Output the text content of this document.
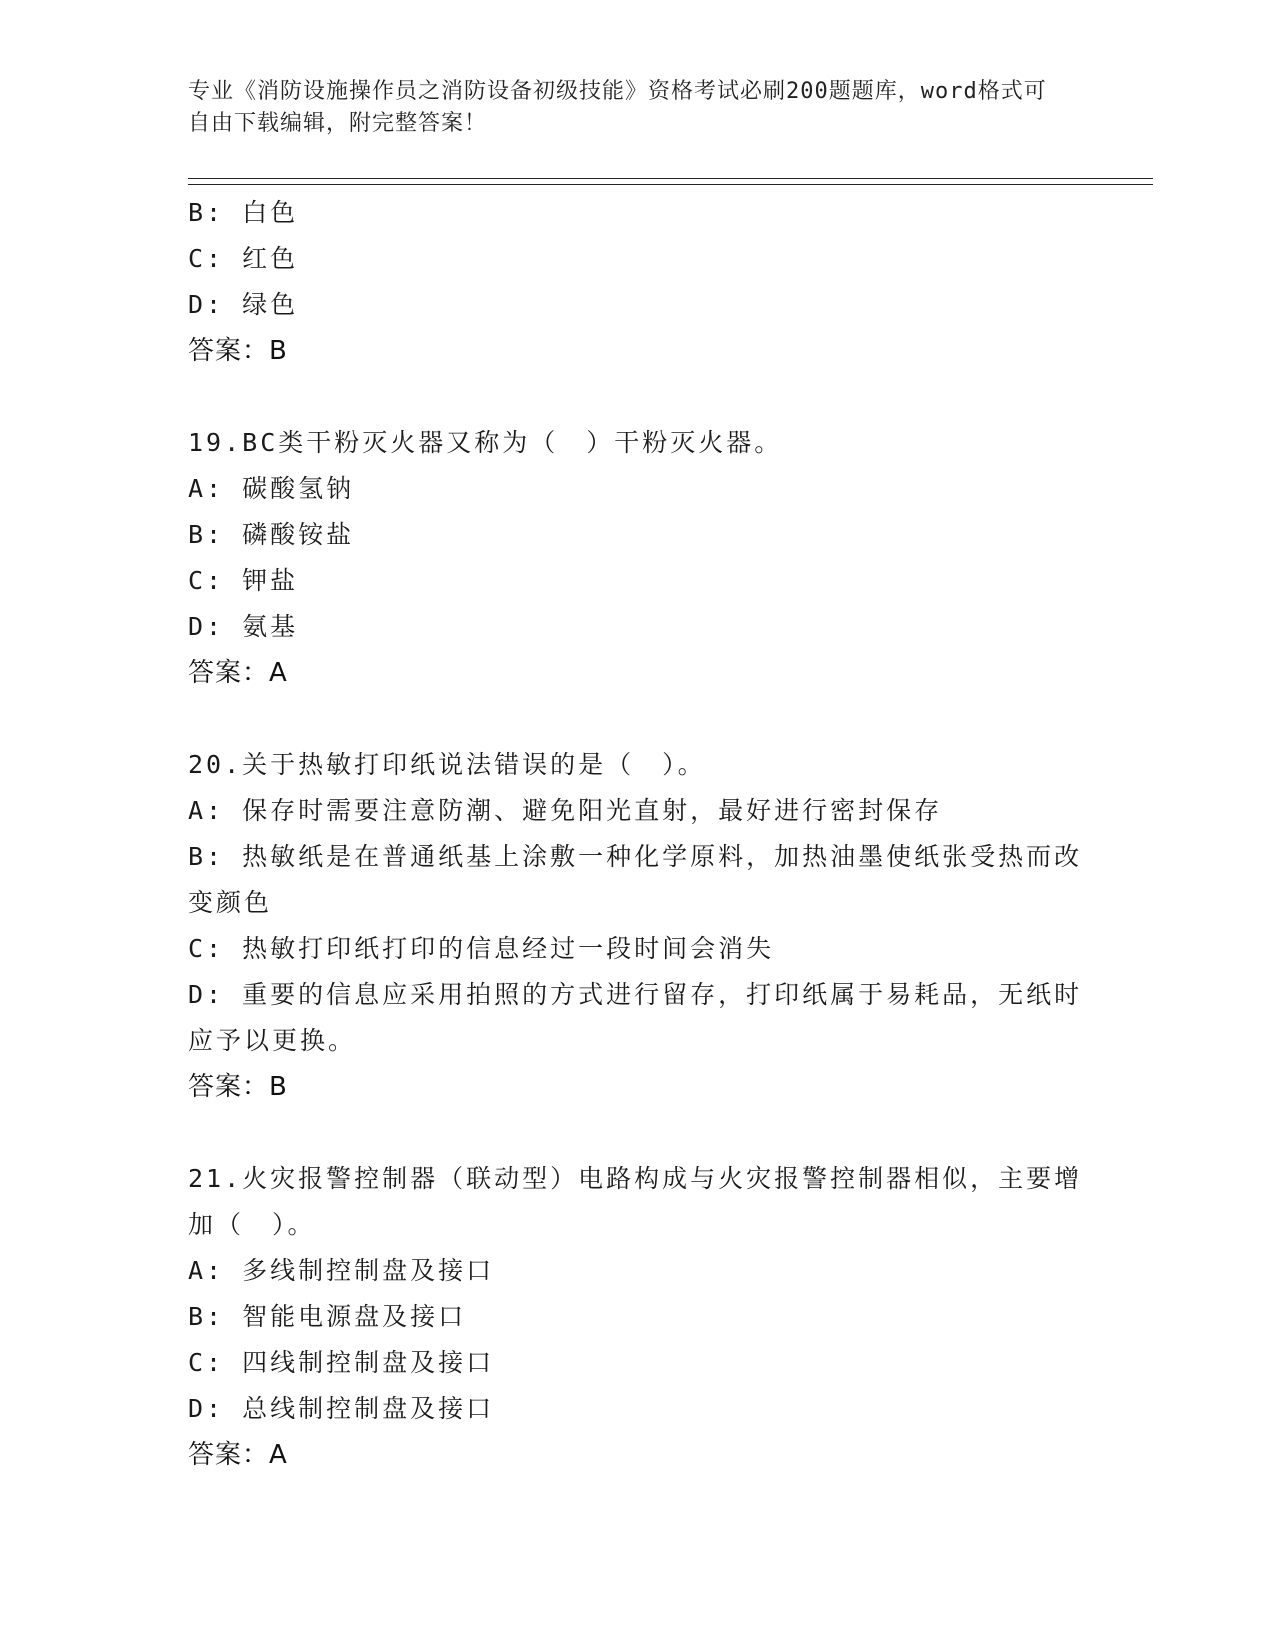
专业《消防设施操作员之消防设备初级技能》资格考试必刷200题题库，word格式可自由下载编辑，附完整答案！
B: 白色
C: 红色
D: 绿色
答案：B
19.BC类干粉灭火器又称为（　）干粉灭火器。
A: 碳酸氢钠
B: 磷酸铵盐
C: 钾盐
D: 氨基
答案：A
20.关于热敏打印纸说法错误的是（　）。
A: 保存时需要注意防潮、避免阳光直射，最好进行密封保存
B: 热敏纸是在普通纸基上涂敷一种化学原料，加热油墨使纸张受热而改变颜色
C: 热敏打印纸打印的信息经过一段时间会消失
D: 重要的信息应采用拍照的方式进行留存，打印纸属于易耗品，无纸时应予以更换。
答案：B
21.火灾报警控制器（联动型）电路构成与火灾报警控制器相似，主要增加（　）。
A: 多线制控制盘及接口
B: 智能电源盘及接口
C: 四线制控制盘及接口
D: 总线制控制盘及接口
答案：A
